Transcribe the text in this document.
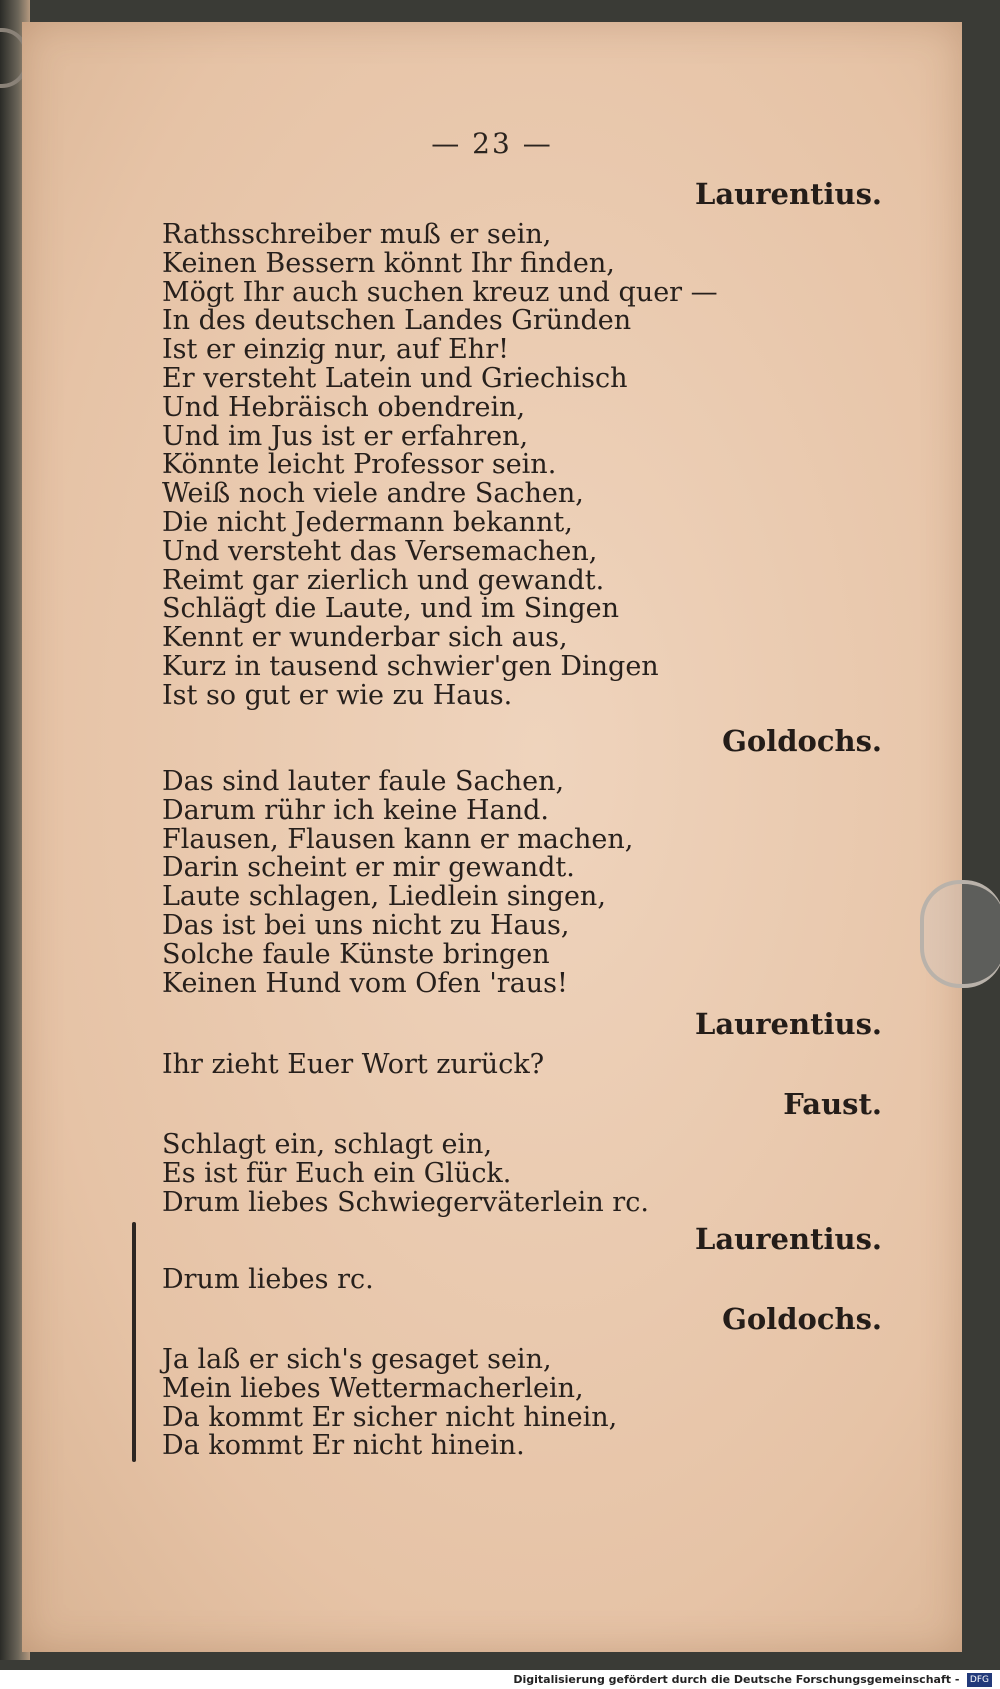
— 23 —
Laurentius.
Rathsschreiber muß er sein,
Keinen Bessern könnt Ihr finden,
Mögt Ihr auch suchen kreuz und quer —
In des deutschen Landes Gründen
Ist er einzig nur, auf Ehr!
Er versteht Latein und Griechisch
Und Hebräisch obendrein,
Und im Jus ist er erfahren,
Könnte leicht Professor sein.
Weiß noch viele andre Sachen,
Die nicht Jedermann bekannt,
Und versteht das Versemachen,
Reimt gar zierlich und gewandt.
Schlägt die Laute, und im Singen
Kennt er wunderbar sich aus,
Kurz in tausend schwier'gen Dingen
Ist so gut er wie zu Haus.
Goldochs.
Das sind lauter faule Sachen,
Darum rühr ich keine Hand.
Flausen, Flausen kann er machen,
Darin scheint er mir gewandt.
Laute schlagen, Liedlein singen,
Das ist bei uns nicht zu Haus,
Solche faule Künste bringen
Keinen Hund vom Ofen 'raus!
Laurentius.
Ihr zieht Euer Wort zurück?
Faust.
Schlagt ein, schlagt ein,
Es ist für Euch ein Glück.
Drum liebes Schwiegerväterlein rc.
Laurentius.
Drum liebes rc.
Goldochs.
Ja laß er sich's gesaget sein,
Mein liebes Wettermacherlein,
Da kommt Er sicher nicht hinein,
Da kommt Er nicht hinein.
Digitalisierung gefördert durch die Deutsche Forschungsgemeinschaft - DFG
